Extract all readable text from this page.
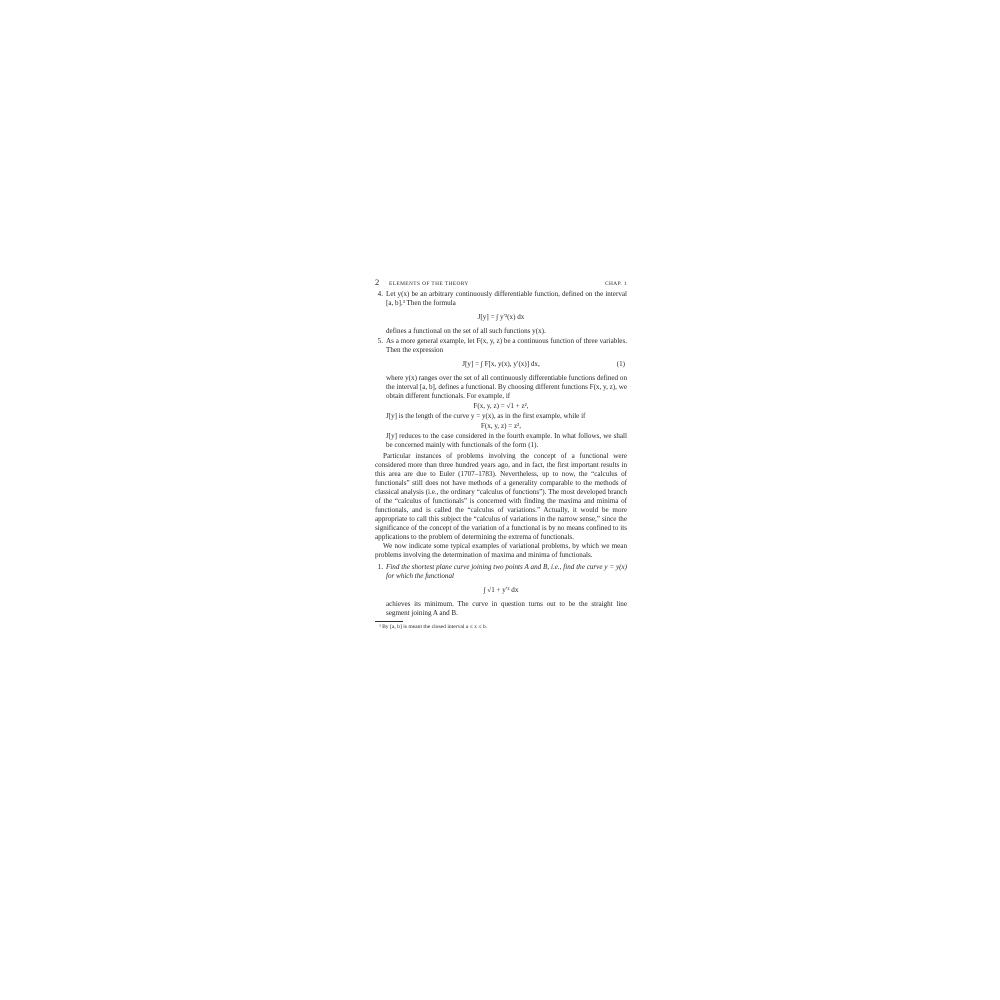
2	ELEMENTS OF THE THEORY	CHAP. 1
4. Let y(x) be an arbitrary continuously differentiable function, defined on the interval [a, b].³ Then the formula
J[y] = ∫ y′²(x) dx
defines a functional on the set of all such functions y(x).
5. As a more general example, let F(x, y, z) be a continuous function of three variables. Then the expression
J[y] = ∫ F[x, y(x), y′(x)] dx,	(1)
where y(x) ranges over the set of all continuously differentiable functions defined on the interval [a, b], defines a functional. By choosing different functions F(x, y, z), we obtain different functionals. For example, if
F(x, y, z) = √1 + z²,
J[y] is the length of the curve y = y(x), as in the first example, while if
F(x, y, z) = z²,
J[y] reduces to the case considered in the fourth example. In what follows, we shall be concerned mainly with functionals of the form (1).

Particular instances of problems involving the concept of a functional were considered more than three hundred years ago, and in fact, the first important results in this area are due to Euler (1707–1783). Nevertheless, up to now, the “calculus of functionals” still does not have methods of a generality comparable to the methods of classical analysis (i.e., the ordinary “calculus of functions”). The most developed branch of the “calculus of functionals” is concerned with finding the maxima and minima of functionals, and is called the “calculus of variations.” Actually, it would be more appropriate to call this subject the “calculus of variations in the narrow sense,” since the significance of the concept of the variation of a functional is by no means confined to its applications to the problem of determining the extrema of functionals.

We now indicate some typical examples of variational problems, by which we mean problems involving the determination of maxima and minima of functionals.

1. Find the shortest plane curve joining two points A and B, i.e., find the curve y = y(x) for which the functional
∫ √1 + y′² dx
achieves its minimum. The curve in question turns out to be the straight line segment joining A and B.
³ By [a, b] is meant the closed interval a ≤ x ≤ b.
